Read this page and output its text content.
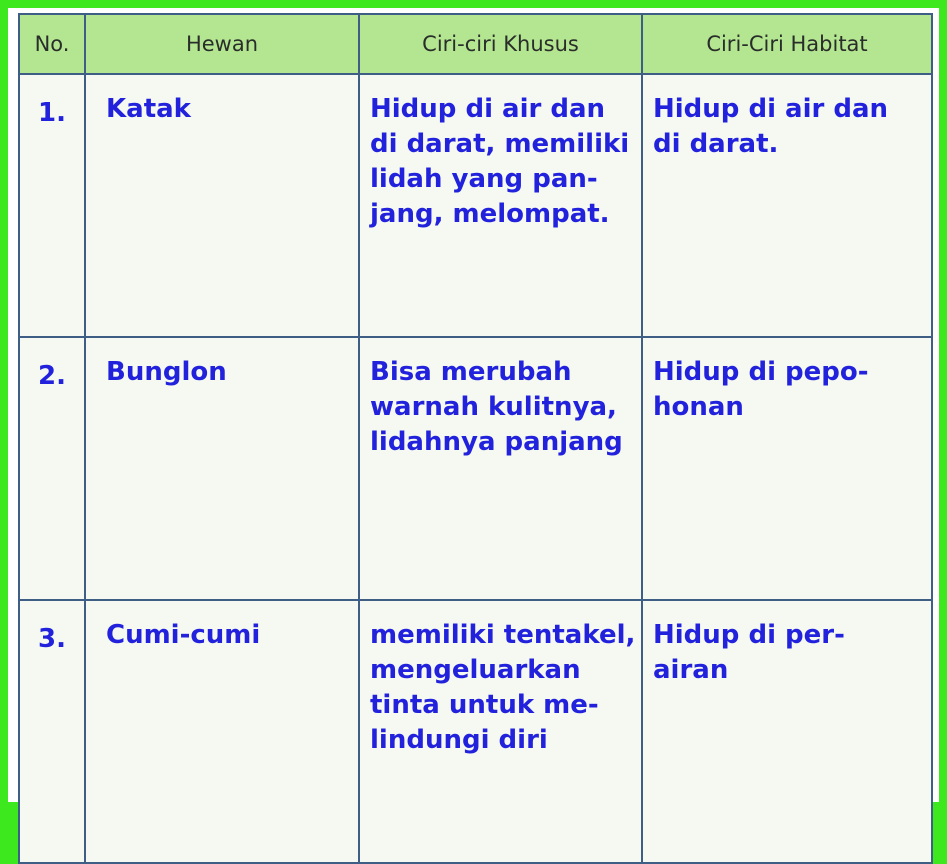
No.	Hewan	Ciri-ciri Khusus	Ciri-Ciri Habitat

1.	Katak	Hidup di air dan
di darat, memiliki
lidah yang pan-
jang, melompat.	Hidup di air dan
di darat.

2.	Bunglon	Bisa merubah
warnah kulitnya,
lidahnya panjang	Hidup di pepo-
honan

3.	Cumi-cumi	memiliki tentakel,
mengeluarkan
tinta untuk me-
lindungi diri	Hidup di per-
airan
